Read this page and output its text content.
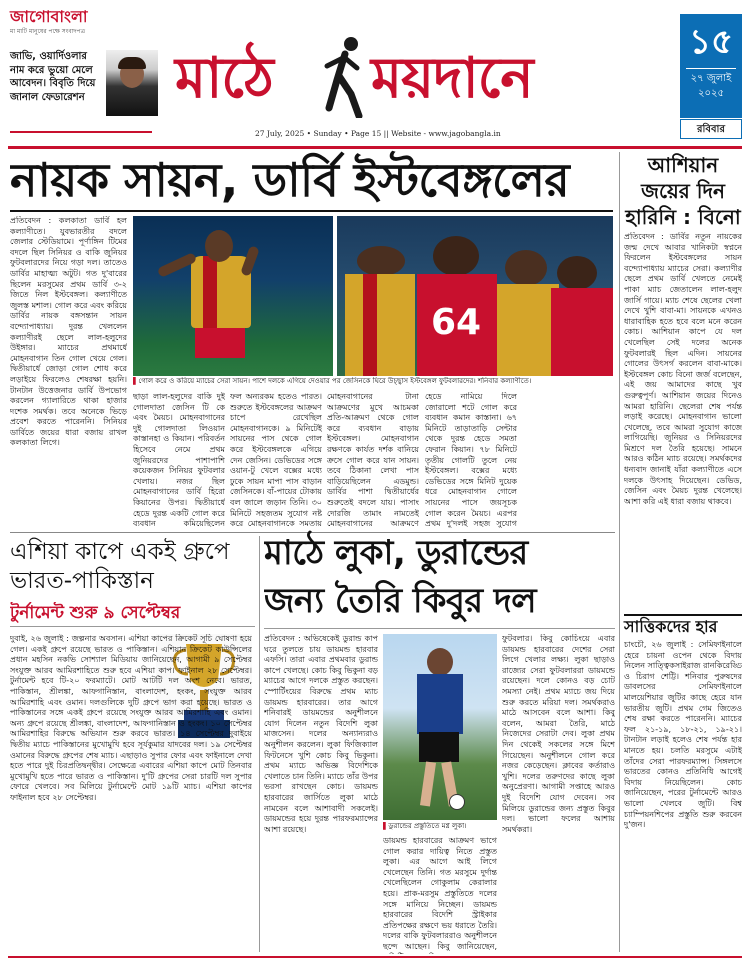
জাগোবাংলা
মা মাটি মানুষের পক্ষে সংবাদপত্র
জাভি, ওয়ার্দিওলার নাম করে ভুয়ো মেলে আবেদন। বিবৃতি দিয়ে জানাল ফেডারেশন	মাঠে ময়দানে
27 July, 2025 • Sunday • Page 15 || Website - www.jagobangla.in
১৫
২৭ জুলাই
২০২৫
রবিবার
নায়ক সায়ন, ডার্বি ইস্টবেঙ্গলের
প্রতিবেদন : কলকাতা ডার্বি হল কল্যাণীতে। যুবভারতীর বদলে জেলার স্টেডিয়ামে। পূর্ণাঙ্গিন টিমের বদলে ছিল সিনিয়র ও বাকি জুনিয়র ফুটবলারদের নিয়ে গড়া দল। তাতেও ডার্বির মাহাত্ম্য অটুট। গত দু'বারের ছিলেন মরসুমের প্রথম ডার্বি ৩-২ জিতে নিল ইস্টবেঙ্গল। কল্যাণীতে জুলস্ত মশাল। গোল করে এবং করিয়ে ডার্বির নায়ক বঙ্গসন্তান সায়ন বন্দ্যোপাধ্যায়। দুরন্ত খেললেন কল্যাণীরই ছেলে লাল-হলুদের উইঙ্গার। ম্যাচের প্রথমার্ধে মোহনবাগান তিন গোল খেয়ে গেল। দ্বিতীয়ার্ধে জোড়া গোল শোধ করে লড়াইয়ে ফিরলেও শেষরক্ষা হয়নি। টানটান উত্তেজনার ডার্বি উপভোগ করলেন গ্যালারিতে থাকা হাজার দশেক সমর্থক। তবে অনেকে ভিড়ে প্রবেশ করতে পারেননি। সিনিয়র ডার্বিতে জয়ের ধারা বজায় রাখল কলকাতা লিগে।
64
▌গোল করে ও করিয়ে ম্যাচের সেরা সায়ন। পাশে দলকে এগিয়ে দেওয়ার পর জেসিনকে ঘিরে উচ্ছ্বাস ইস্টবেঙ্গল ফুটবলারদের। শনিবার কল্যাণীতে।
ছাড়া লাল-হলুদের বাকি দুই গোলদাতা জেসিন টি কে এবং মৈয়চ। মোহনবাগানের দুই গোলদাতা লিওয়ান কাস্তানহা ও কিয়ান। পরিবর্তন হিসেবে নেমে প্রথম জুনিয়রদের পাশাপাশি কয়েকজন সিনিয়র ফুটবলার খেলায়। নজর ছিল মোহনবাগানের ডার্বি হিরো কিয়ানের উপর। দ্বিতীয়ার্ধে হেডে দুরন্ত একটি গোল করে ব্যবধান কমিয়েছিলেন
ফল অন্যরকম হতেও পারত। শুরুতে ইস্টবেঙ্গলের আক্রমণ চাপে রেখেছিল মোহনবাগানকে। ৯ মিনিটেই সায়নের পাস থেকে গোল করে ইস্টবেঙ্গলকে এগিয়ে দেন জেসিন। ডেভিডের সঙ্গে ওয়ান-টু খেলে বক্সের মধ্যে ঢুকে সায়ন মাপা পাস বাড়ান জেসিনকে। বাঁ-পায়ের টোকায় বল জালে জড়ান তিনি। ৩০ মিনিটে সহজতম সুযোগ নষ্ট করে মোহনবাগানকে সমতায়
মোহনবাগানের টানা আক্রমণের মুখে আচমকা প্রতি-আক্রমণ থেকে গোল করে ব্যবধান বাড়ায় ইস্টবেঙ্গল। মোহনবাগান রক্ষণকে কার্যত দর্শক বানিয়ে ক্রসে গোল করে যান সায়ন। তবে ঠিকানা লেখা পাস বাড়িয়েছিলেন এডমুন্ড। ডার্বির পাশা দ্বিতীয়ার্ধের শুরুতেই বদলে যায়। পাসাং দোরজি তামাং নামতেই মোহনবাগানের আক্রমণে
হেডে নামিয়ে দিলে জোরালো শটে গোল করে ব্যবধান কমান কাস্তানা। ৬৭ মিনিটে তাড়াতাড়ি সেন্টার থেকে দুরন্ত হেডে সমতা ফেরান কিয়ান। ৭৮ মিনিটে তৃতীয় গোলটি তুলে নেয় ইস্টবেঙ্গল। বক্সের মধ্যে ডেভিডের সঙ্গে মিনিট দুয়েক ধরে মোহনবাগান গোলে সায়নের পাসে জয়সূচক গোল করেন মৈয়চ। এরপর প্রথম দু'দলই সহজ সুযোগ
আশিয়ান জয়ের দিন হারিনি : বিনো
প্রতিবেদন : ডার্বির নতুন নায়কের জন্ম দেখে আবার খানিকটা স্বপ্ননে ফিরলেন ইস্টবেঙ্গলের সায়ন বন্দ্যোপাধ্যায় ম্যাচের সেরা। কল্যাণীর ছেলে প্রথম ডার্বি খেলতে নেমেই পাকা ম্যাচ জেতালেন লাল-হলুদ জার্সি গায়ে। ম্যাচ শেষে ছেলের খেলা দেখে খুশি বাবা-মা। সায়নকে এখনও ধারাবাহিক হতে হবে বলে মনে করেন কোচ। আশিয়ান কাপে যে দল খেলেছিল সেই দলের অনেক ফুটবলারই ছিল এদিন। সায়নের গোলের উৎসর্গ করলেন বাবা-মাকে। ইস্টবেঙ্গল কোচ বিনো জর্জ বলেছেন, এই জয় আমাদের কাছে খুব গুরুত্বপূর্ণ। আশিয়ান জয়ের দিনেও আমরা হারিনি। ছেলেরা শেষ পর্যন্ত লড়াই করেছে। মোহনবাগান ভালো খেলেছে, তবে আমরা সুযোগ কাজে লাগিয়েছি। জুনিয়র ও সিনিয়রদের মিশ্রণে দল তৈরি হয়েছে। সামনে আরও কঠিন ম্যাচ রয়েছে। সমর্থকদের ধন্যবাদ জানাই যাঁরা কল্যাণীতে এসে দলকে উৎসাহ দিয়েছেন। ডেভিড, জেসিন এবং মৈয়চ দুরন্ত খেলেছে। আশা করি এই ধারা বজায় থাকবে।
সাত্তিকদের হার
চাংচৌ, ২৬ জুলাই : সেমিফাইনালে হেরে চায়না ওপেন থেকে বিদায় নিলেন সাত্ত্বিকসাইরাজ রানকিরেড্ডি ও চিরাগ শেট্টি। শনিবার পুরুষদের ডাবলসের সেমিফাইনালে মালয়েশিয়ার জুটির কাছে হেরে যান ভারতীয় জুটি। প্রথম গেম জিতেও শেষ রক্ষা করতে পারেননি। ম্যাচের ফল ২১-১৯, ১৮-২১, ১৯-২১। টানটান লড়াই হলেও শেষ পর্যন্ত হার মানতে হয়। চলতি মরসুমে এটাই তাঁদের সেরা পারফরম্যান্স। সিঙ্গলসে ভারতের কোনও প্রতিনিধি আগেই বিদায় নিয়েছিলেন। কোচ জানিয়েছেন, পরের টুর্নামেন্টে আরও ভালো খেলবে জুটি। বিশ্ব চ্যাম্পিয়নশিপের প্রস্তুতি শুরু করবেন দু'জন।
এশিয়া কাপে একই গ্রুপে ভারত-পাকিস্তান
টুর্নামেন্ট শুরু ৯ সেপ্টেম্বর
দুবাই, ২৬ জুলাই : জল্পনার অবসান। এশিয়া কাপের ক্রিকেট সূচি ঘোষণা হয়ে গেল। একই গ্রুপে রয়েছে ভারত ও পাকিস্তান। এশিয়ান ক্রিকেট কাউন্সিলের প্রধান মহসিন নকভি সোশ্যাল মিডিয়ায় জানিয়েছেন, আগামী ৯ সেপ্টেম্বর সংযুক্ত আরব আমিরশাহিতে শুরু হবে এশিয়া কাপ। ফাইনাল ২৮ সেপ্টেম্বর। টুর্নামেন্ট হবে টি-২০ ফরম্যাটে। মোট আটটি দল অংশ নেবে। ভারত, পাকিস্তান, শ্রীলঙ্কা, আফগানিস্তান, বাংলাদেশ, হংকং, সংযুক্ত আরব আমিরশাহি এবং ওমান। দলগুলিকে দুটি গ্রুপে ভাগ করা হয়েছে। ভারত ও পাকিস্তানের সঙ্গে একই গ্রুপে রয়েছে সংযুক্ত আরব আমিরশাহি এবং ওমান। অন্য গ্রুপে রয়েছে শ্রীলঙ্কা, বাংলাদেশ, আফগানিস্তান ও হংকং। ১০ সেপ্টেম্বর আমিরশাহির বিরুদ্ধে অভিযান শুরু করবে ভারত। ১৪ সেপ্টেম্বর দুবাইয়ে দ্বিতীয় ম্যাচে পাকিস্তানের মুখোমুখি হবে সূর্যকুমার যাদবের দল। ১৯ সেপ্টেম্বর ওমানের বিরুদ্ধে গ্রুপের শেষ ম্যাচ। এছাড়াও সুপার ফোর এবং ফাইনালে দেখা হতে পারে দুই চিরপ্রতিদ্বন্দ্বীর। সেক্ষেত্রে এবারের এশিয়া কাপে মোট তিনবার মুখোমুখি হতে পারে ভারত ও পাকিস্তান। দু'টি গ্রুপের সেরা চারটি দল সুপার ফোরে খেলবে। সব মিলিয়ে টুর্নামেন্টে মোট ১৯টি ম্যাচ। এশিয়া কাপের ফাইনাল হবে ২৮ সেপ্টেম্বর।
মাঠে লুকা, ডুরান্ডের
জন্য তৈরি কিবুর দল
প্রতিবেদন : অভিষেকেই ডুরান্ড কাপ ঘরে তুলতে চায় ডায়মন্ড হারবার এফসি। তারা এবার প্রথমবার ডুরান্ড কাপে খেলছে। কোচ কিবু ভিকুনা বড় ম্যাচের আগে দলকে প্রস্তুত করছেন। স্পোর্টিংয়ের বিরুদ্ধে প্রথম ম্যাচ ডায়মন্ড হারবারের। তার আগে শনিবারই ডায়মন্ডের অনুশীলনে যোগ দিলেন নতুন বিদেশি লুকা মাজসেন। দলের অন্যান্যরাও অনুশীলন করলেন। লুকা ফিজিক্যাল ফিটনেসে খুশি কোচ কিবু ভিকুনা। প্রথম ম্যাচে অভিজ্ঞ বিদেশিকে খেলাতে চান তিনি। ম্যাচে তাঁর উপর ভরসা রাখছেন কোচ। ডায়মন্ড হারবারের জার্সিতে লুকা মাঠে নামবেন বলে আশাবাদী সকলেই। ডায়মন্ডের হয়ে দুরন্ত পারফরম্যান্সের আশা রয়েছে।	▌ডুরান্ডের প্রস্তুতিতে মগ্ন লুকা।
ডায়মন্ড হারবারের আক্রমণ ভাগে গোল করার দায়িত্ব নিতে প্রস্তুত লুকা। এর আগে আই লিগে খেলেছেন তিনি। গত মরসুমে দুর্দান্ত খেলেছিলেন গোকুলাম কেরালার হয়ে। প্রাক-মরসুম প্রস্তুতিতে দলের সঙ্গে মানিয়ে নিচ্ছেন। ডায়মন্ড হারবারের বিদেশি স্ট্রাইকার প্রতিপক্ষের রক্ষণে ভয় ধরাতে তৈরি। দলের বাকি ফুটবলাররাও অনুশীলনে ছন্দে আছেন। কিবু জানিয়েছেন,
ফুটবলার। কিবু কোচিংয়ে এবার ডায়মন্ড হারবারের দেশের সেরা লিগে খেলার লক্ষ্য। লুকা ছাড়াও রাজ্যের সেরা ফুটবলাররা ডায়মন্ডে রয়েছেন। দলে কোনও বড় চোট সমস্যা নেই। প্রথম ম্যাচে জয় দিয়ে শুরু করতে মরিয়া দল। সমর্থকরাও মাঠে আসবেন বলে আশা। কিবু বলেন, আমরা তৈরি, মাঠে নিজেদের সেরাটা দেব। লুকা প্রথম দিন থেকেই সকলের সঙ্গে মিশে গিয়েছেন। অনুশীলনে গোল করে নজর কেড়েছেন। ক্লাবের কর্তারাও খুশি। দলের তরুণদের কাছে লুকা অনুপ্রেরণা। আগামী সপ্তাহে আরও দুই বিদেশি যোগ দেবেন। সব মিলিয়ে ডুরান্ডের জন্য প্রস্তুত কিবুর দল। ভালো ফলের আশায় সমর্থকরা।
